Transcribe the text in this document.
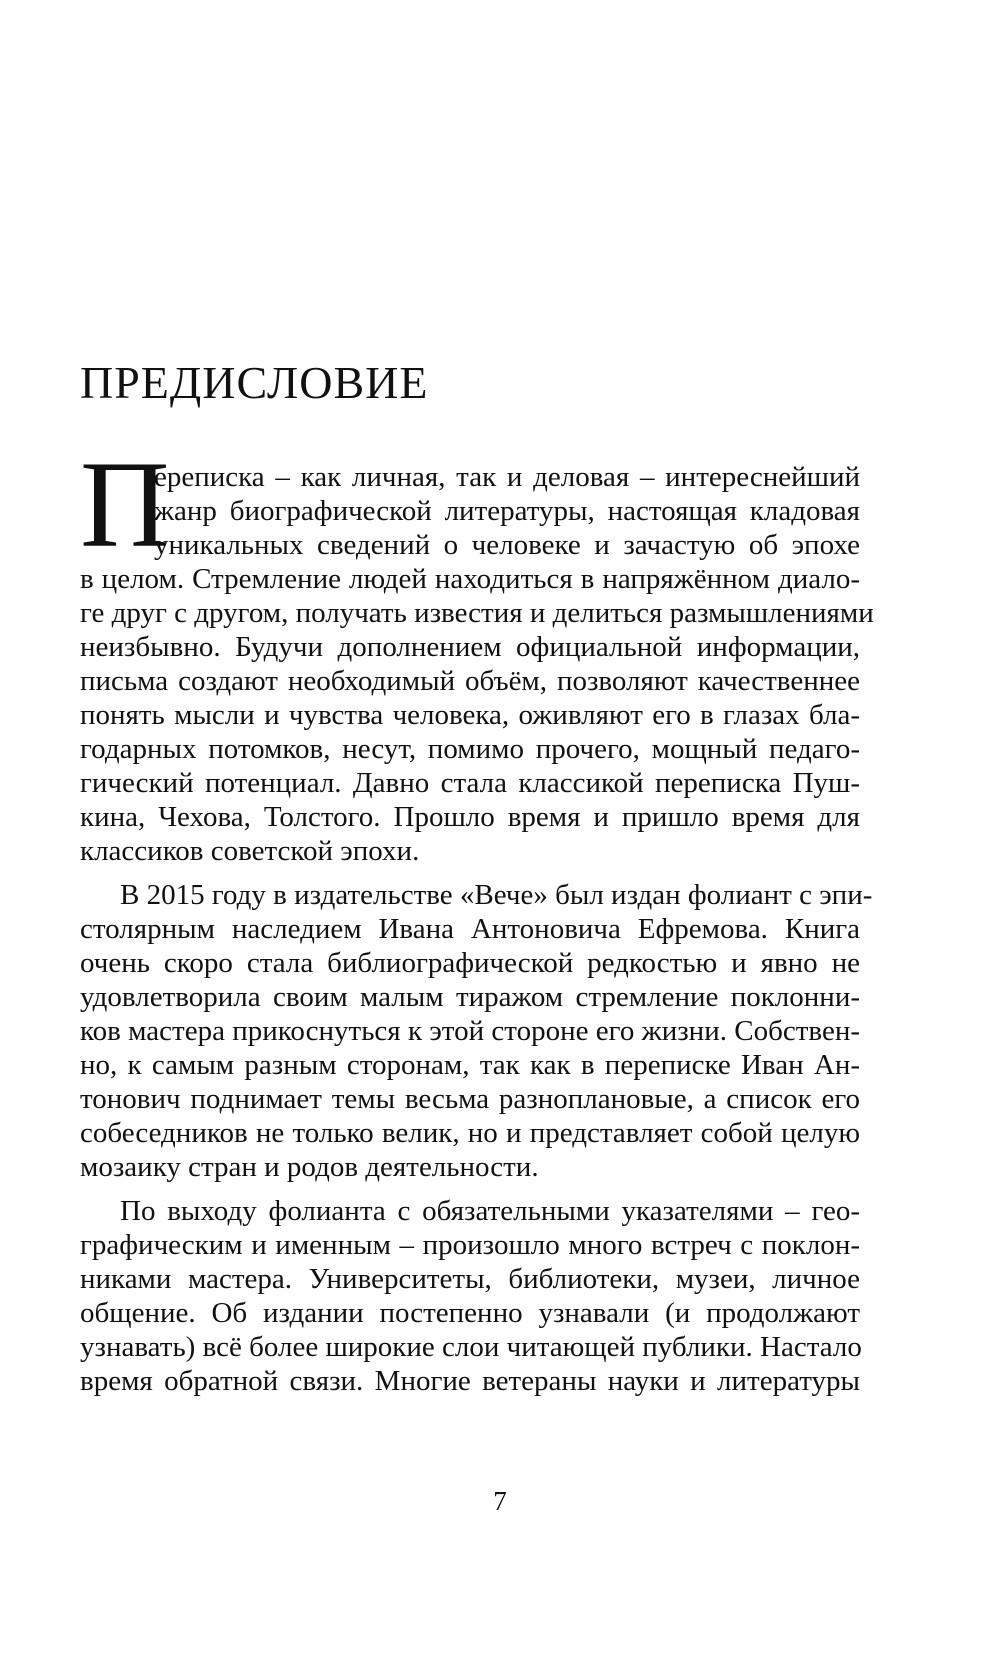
ПРЕДИСЛОВИЕ
П
ереписка – как личная, так и деловая – интереснейший
жанр биографической литературы, настоящая кладовая
уникальных сведений о человеке и зачастую об эпохе
в целом. Стремление людей находиться в напряжённом диало-
ге друг с другом, получать известия и делиться размышлениями
неизбывно. Будучи дополнением официальной информации,
письма создают необходимый объём, позволяют качественнее
понять мысли и чувства человека, оживляют его в глазах бла-
годарных потомков, несут, помимо прочего, мощный педаго-
гический потенциал. Давно стала классикой переписка Пуш-
кина, Чехова, Толстого. Прошло время и пришло время для
классиков советской эпохи.
В 2015 году в издательстве «Вече» был издан фолиант с эпи-
столярным наследием Ивана Антоновича Ефремова. Книга
очень скоро стала библиографической редкостью и явно не
удовлетворила своим малым тиражом стремление поклонни-
ков мастера прикоснуться к этой стороне его жизни. Собствен-
но, к самым разным сторонам, так как в переписке Иван Ан-
тонович поднимает темы весьма разноплановые, а список его
собеседников не только велик, но и представляет собой целую
мозаику стран и родов деятельности.
По выходу фолианта с обязательными указателями – гео-
графическим и именным – произошло много встреч с поклон-
никами мастера. Университеты, библиотеки, музеи, личное
общение. Об издании постепенно узнавали (и продолжают
узнавать) всё более широкие слои читающей публики. Настало
время обратной связи. Многие ветераны науки и литературы
7
